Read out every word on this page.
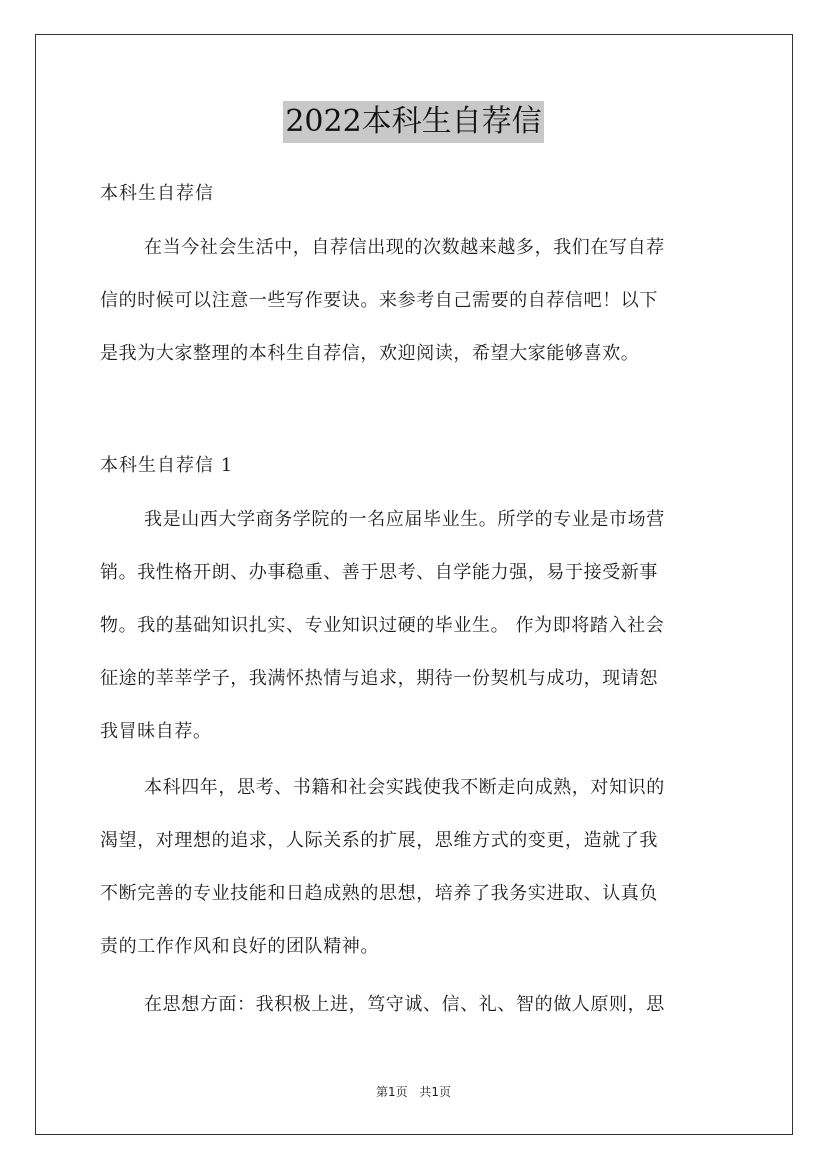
2022本科生自荐信
本科生自荐信
在当今社会生活中，自荐信出现的次数越来越多，我们在写自荐
信的时候可以注意一些写作要诀。来参考自己需要的自荐信吧！以下
是我为大家整理的本科生自荐信，欢迎阅读，希望大家能够喜欢。
本科生自荐信 1
我是山西大学商务学院的一名应届毕业生。所学的专业是市场营
销。我性格开朗、办事稳重、善于思考、自学能力强，易于接受新事
物。我的基础知识扎实、专业知识过硬的毕业生。 作为即将踏入社会
征途的莘莘学子，我满怀热情与追求，期待一份契机与成功，现请恕
我冒昧自荐。
本科四年，思考、书籍和社会实践使我不断走向成熟，对知识的
渴望，对理想的追求，人际关系的扩展，思维方式的变更，造就了我
不断完善的专业技能和日趋成熟的思想，培养了我务实进取、认真负
责的工作作风和良好的团队精神。
在思想方面：我积极上进，笃守诚、信、礼、智的做人原则，思
第1页 共1页
